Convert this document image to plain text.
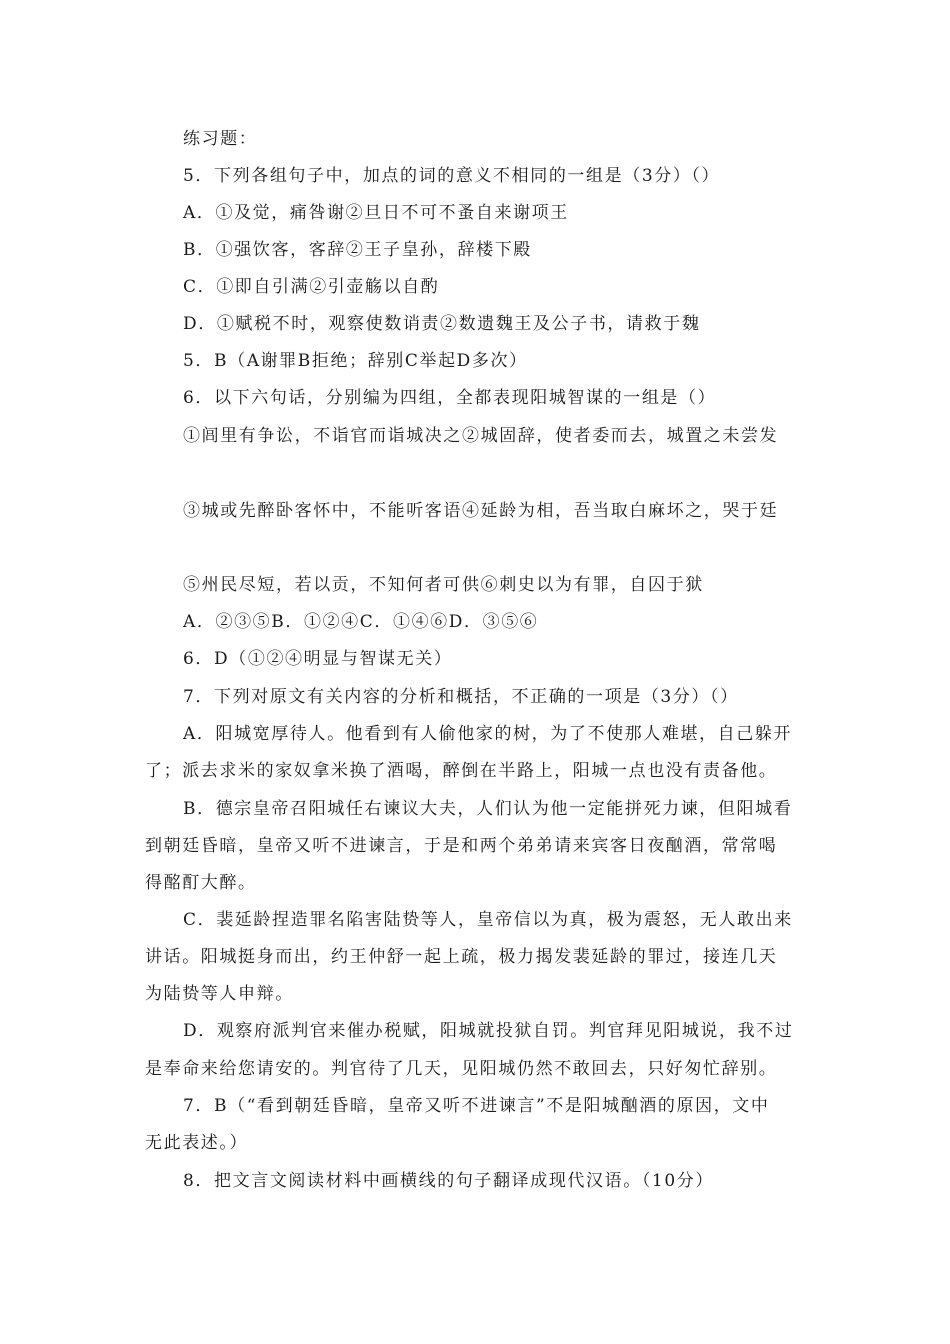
练习题：
5．下列各组句子中，加点的词的意义不相同的一组是（3分）（）
A．①及觉，痛咎谢②旦日不可不蚤自来谢项王
B．①强饮客，客辞②王子皇孙，辞楼下殿
C．①即自引满②引壶觞以自酌
D．①赋税不时，观察使数诮责②数遗魏王及公子书，请救于魏
5．B（A谢罪B拒绝；辞别C举起D多次）
6．以下六句话，分别编为四组，全都表现阳城智谋的一组是（）
①闾里有争讼，不诣官而诣城决之②城固辞，使者委而去，城置之未尝发
③城或先醉卧客怀中，不能听客语④延龄为相，吾当取白麻坏之，哭于廷
⑤州民尽短，若以贡，不知何者可供⑥刺史以为有罪，自囚于狱
A．②③⑤B．①②④C．①④⑥D．③⑤⑥
6．D（①②④明显与智谋无关）
7．下列对原文有关内容的分析和概括，不正确的一项是（3分）（）
A．阳城宽厚待人。他看到有人偷他家的树，为了不使那人难堪，自己躲开
了；派去求米的家奴拿米换了酒喝，醉倒在半路上，阳城一点也没有责备他。
B．德宗皇帝召阳城任右谏议大夫，人们认为他一定能拼死力谏，但阳城看
到朝廷昏暗，皇帝又听不进谏言，于是和两个弟弟请来宾客日夜酗酒，常常喝
得酩酊大醉。
C．裴延龄捏造罪名陷害陆贽等人，皇帝信以为真，极为震怒，无人敢出来
讲话。阳城挺身而出，约王仲舒一起上疏，极力揭发裴延龄的罪过，接连几天
为陆贽等人申辩。
D．观察府派判官来催办税赋，阳城就投狱自罚。判官拜见阳城说，我不过
是奉命来给您请安的。判官待了几天，见阳城仍然不敢回去，只好匆忙辞别。
7．B（“看到朝廷昏暗，皇帝又听不进谏言”不是阳城酗酒的原因，文中
无此表述。）
8．把文言文阅读材料中画横线的句子翻译成现代汉语。（10分）
